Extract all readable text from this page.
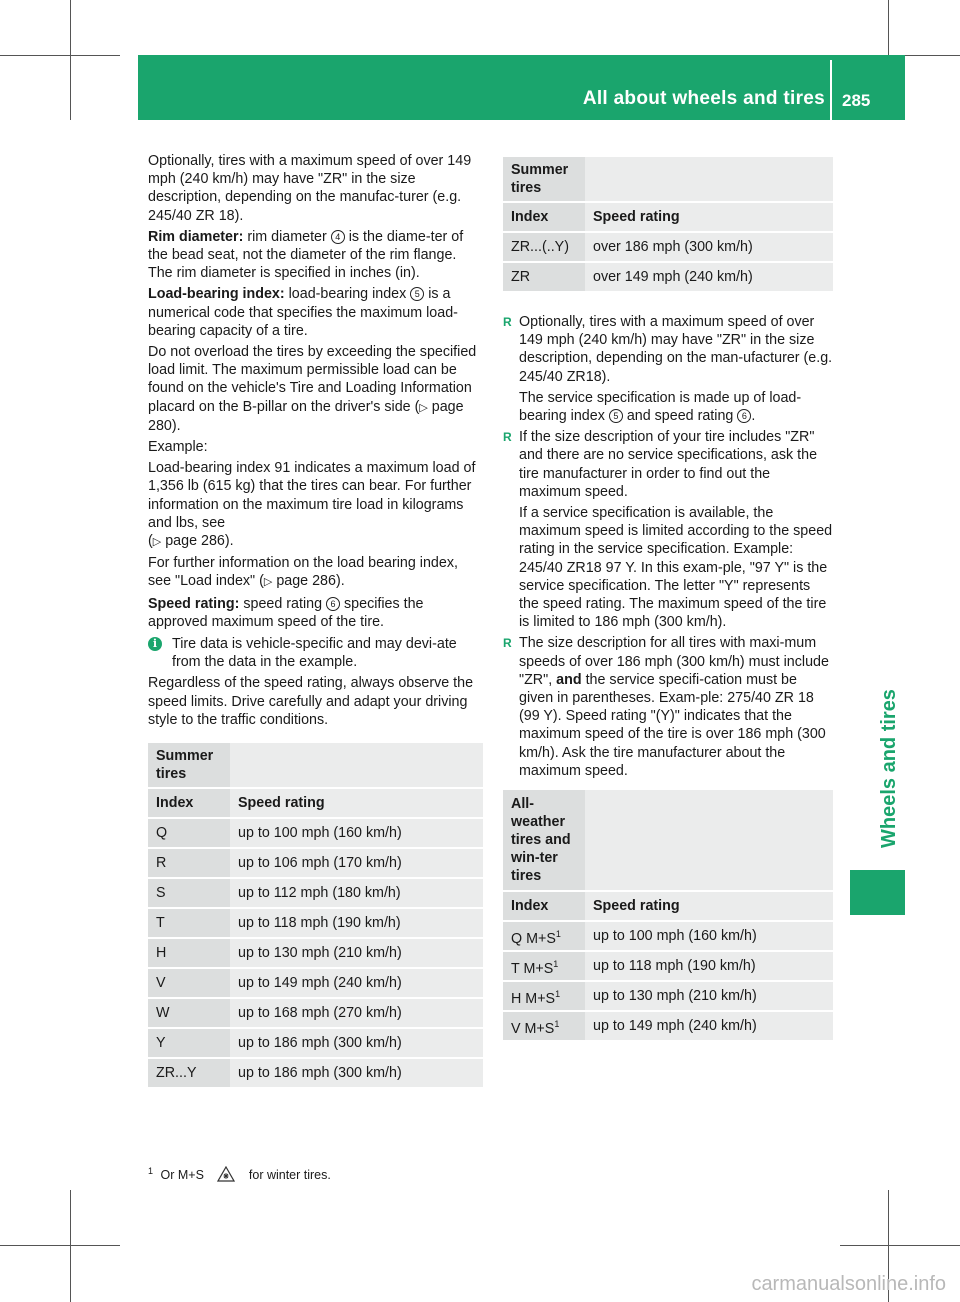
All about wheels and tires 285
Wheels and tires

Optionally, tires with a maximum speed of over 149 mph (240 km/h) may have "ZR" in the size description, depending on the manufac-turer (e.g. 245/40 ZR 18).

Rim diameter: rim diameter 4 is the diame-ter of the bead seat, not the diameter of the rim flange. The rim diameter is specified in inches (in).

Load-bearing index: load-bearing index 5 is a numerical code that specifies the maximum load-bearing capacity of a tire.

Do not overload the tires by exceeding the specified load limit. The maximum permissible load can be found on the vehicle's Tire and Loading Information placard on the B-pillar on the driver's side (▷ page 280).

Example:

Load-bearing index 91 indicates a maximum load of 1,356 lb (615 kg) that the tires can bear. For further information on the maximum tire load in kilograms and lbs, see
(▷ page 286).

For further information on the load bearing index, see "Load index" (▷ page 286).

Speed rating: speed rating 6 specifies the approved maximum speed of the tire.

i	Tire data is vehicle-specific and may devi-ate from the data in the example.

Regardless of the speed rating, always observe the speed limits. Drive carefully and adapt your driving style to the traffic conditions.

Summer tires	
Index	Speed rating
Q	up to 100 mph (160 km/h)
R	up to 106 mph (170 km/h)
S	up to 112 mph (180 km/h)
T	up to 118 mph (190 km/h)
H	up to 130 mph (210 km/h)
V	up to 149 mph (240 km/h)
W	up to 168 mph (270 km/h)
Y	up to 186 mph (300 km/h)
ZR...Y	up to 186 mph (300 km/h)
Summer tires	
Index	Speed rating
ZR...(..Y)	over 186 mph (300 km/h)
ZR	over 149 mph (240 km/h)

R Optionally, tires with a maximum speed of over 149 mph (240 km/h) may have "ZR" in the size description, depending on the man-ufacturer (e.g. 245/40 ZR18).

The service specification is made up of load-bearing index 5 and speed rating 6 .

R If the size description of your tire includes "ZR" and there are no service specifications, ask the tire manufacturer in order to find out the maximum speed.

If a service specification is available, the maximum speed is limited according to the speed rating in the service specification. Example: 245/40 ZR18 97 Y. In this exam-ple, "97 Y" is the service specification. The letter "Y" represents the speed rating. The maximum speed of the tire is limited to 186 mph (300 km/h).

R The size description for all tires with maxi-mum speeds of over 186 mph (300 km/h) must include "ZR", and the service specifi-cation must be given in parentheses. Exam-ple: 275/40 ZR 18 (99 Y). Speed rating "(Y)" indicates that the maximum speed of the tire is over 186 mph (300 km/h). Ask the tire manufacturer about the maximum speed.

All-weather tires and win-ter tires	
Index	Speed rating
Q $M+S^1$	up to 100 mph (160 km/h)
T $M+S^1$	up to 118 mph (190 km/h)
H $M+S^1$	up to 130 mph (210 km/h)
V $M+S^1$	up to 149 mph (240 km/h)
$^1$ Or M+S	for winter tires.
carmanualsonline.info
